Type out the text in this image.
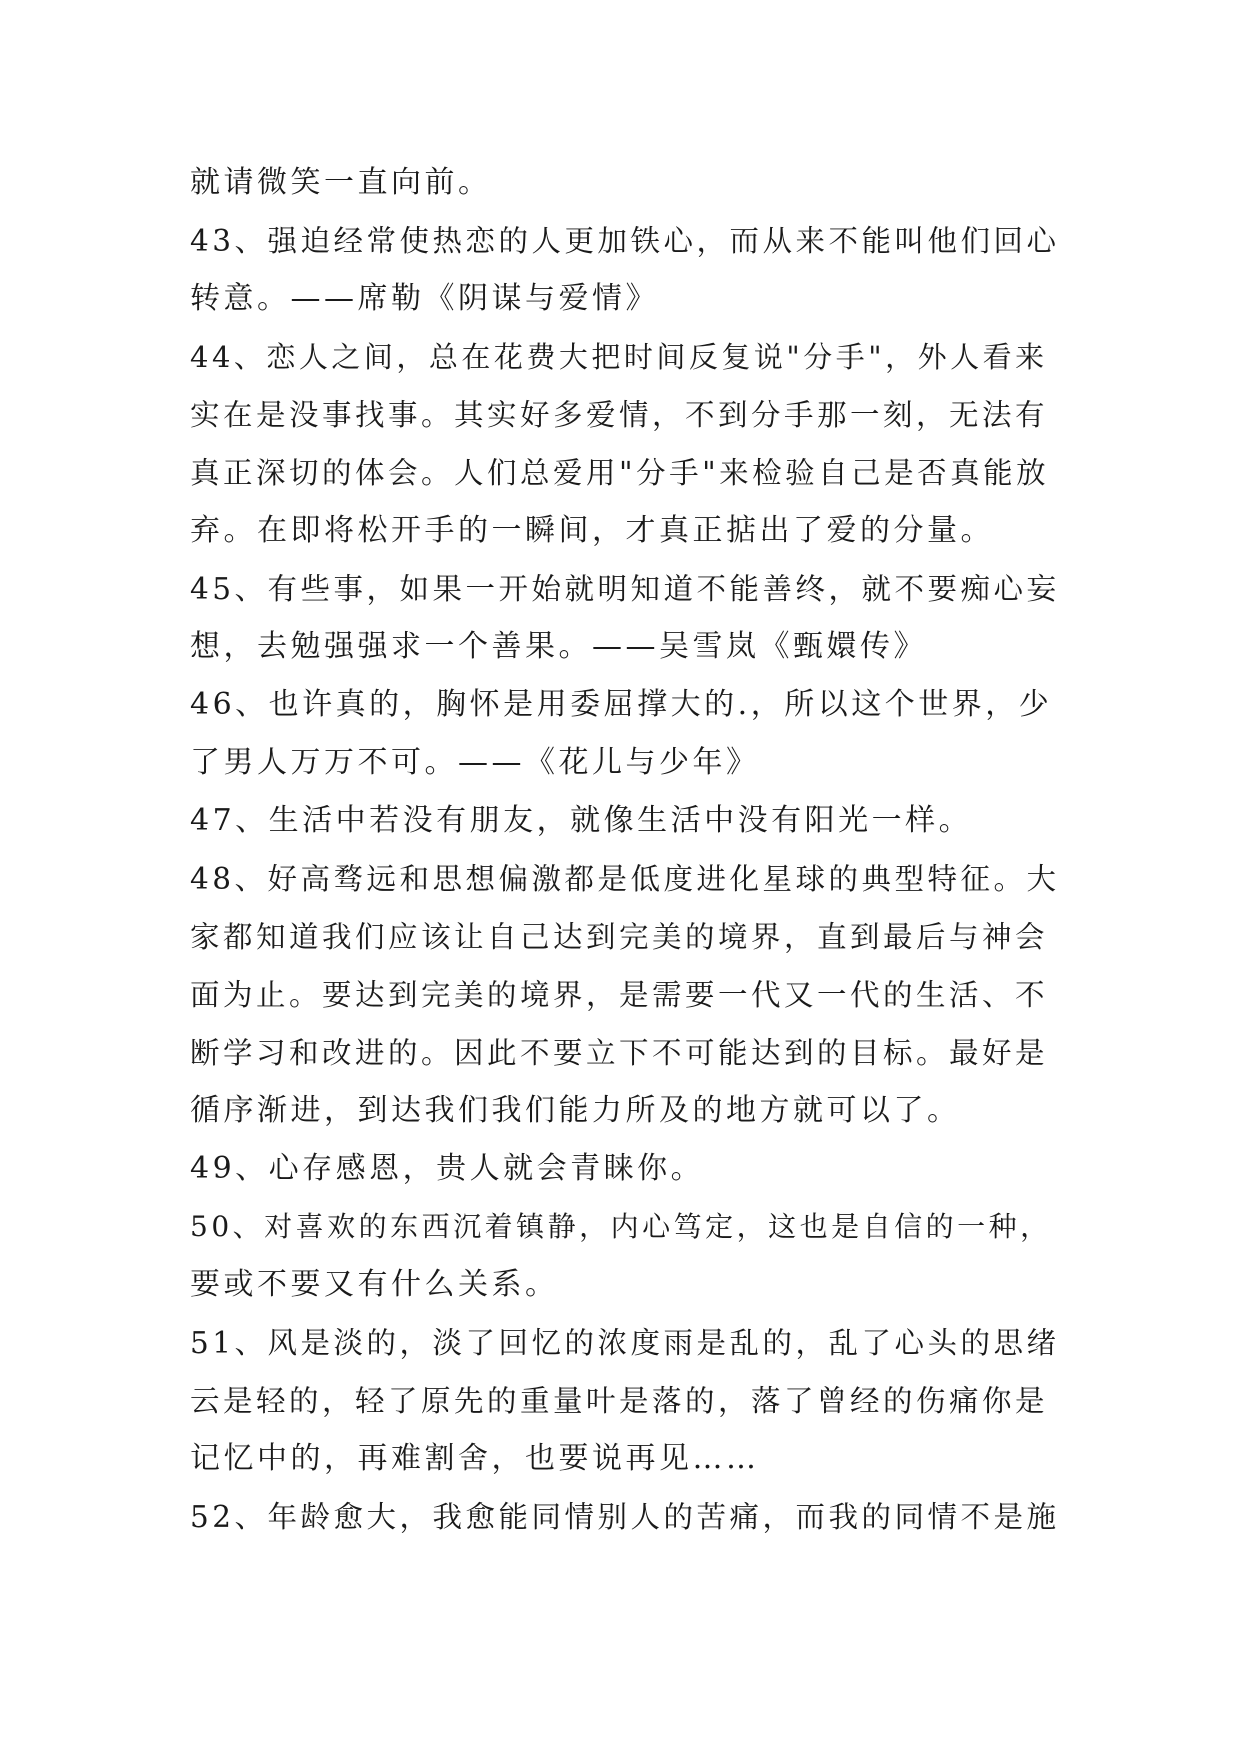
就请微笑一直向前。
43、强迫经常使热恋的人更加铁心，而从来不能叫他们回心
转意。——席勒《阴谋与爱情》
44、恋人之间，总在花费大把时间反复说"分手"，外人看来
实在是没事找事。其实好多爱情，不到分手那一刻，无法有
真正深切的体会。人们总爱用"分手"来检验自己是否真能放
弃。在即将松开手的一瞬间，才真正掂出了爱的分量。
45、有些事，如果一开始就明知道不能善终，就不要痴心妄
想，去勉强强求一个善果。——吴雪岚《甄嬛传》
46、也许真的，胸怀是用委屈撑大的.，所以这个世界，少
了男人万万不可。——《花儿与少年》
47、生活中若没有朋友，就像生活中没有阳光一样。
48、好高骛远和思想偏激都是低度进化星球的典型特征。大
家都知道我们应该让自己达到完美的境界，直到最后与神会
面为止。要达到完美的境界，是需要一代又一代的生活、不
断学习和改进的。因此不要立下不可能达到的目标。最好是
循序渐进，到达我们我们能力所及的地方就可以了。
49、心存感恩，贵人就会青睐你。
50、对喜欢的东西沉着镇静，内心笃定，这也是自信的一种，
要或不要又有什么关系。
51、风是淡的，淡了回忆的浓度雨是乱的，乱了心头的思绪
云是轻的，轻了原先的重量叶是落的，落了曾经的伤痛你是
记忆中的，再难割舍，也要说再见……
52、年龄愈大，我愈能同情别人的苦痛，而我的同情不是施
